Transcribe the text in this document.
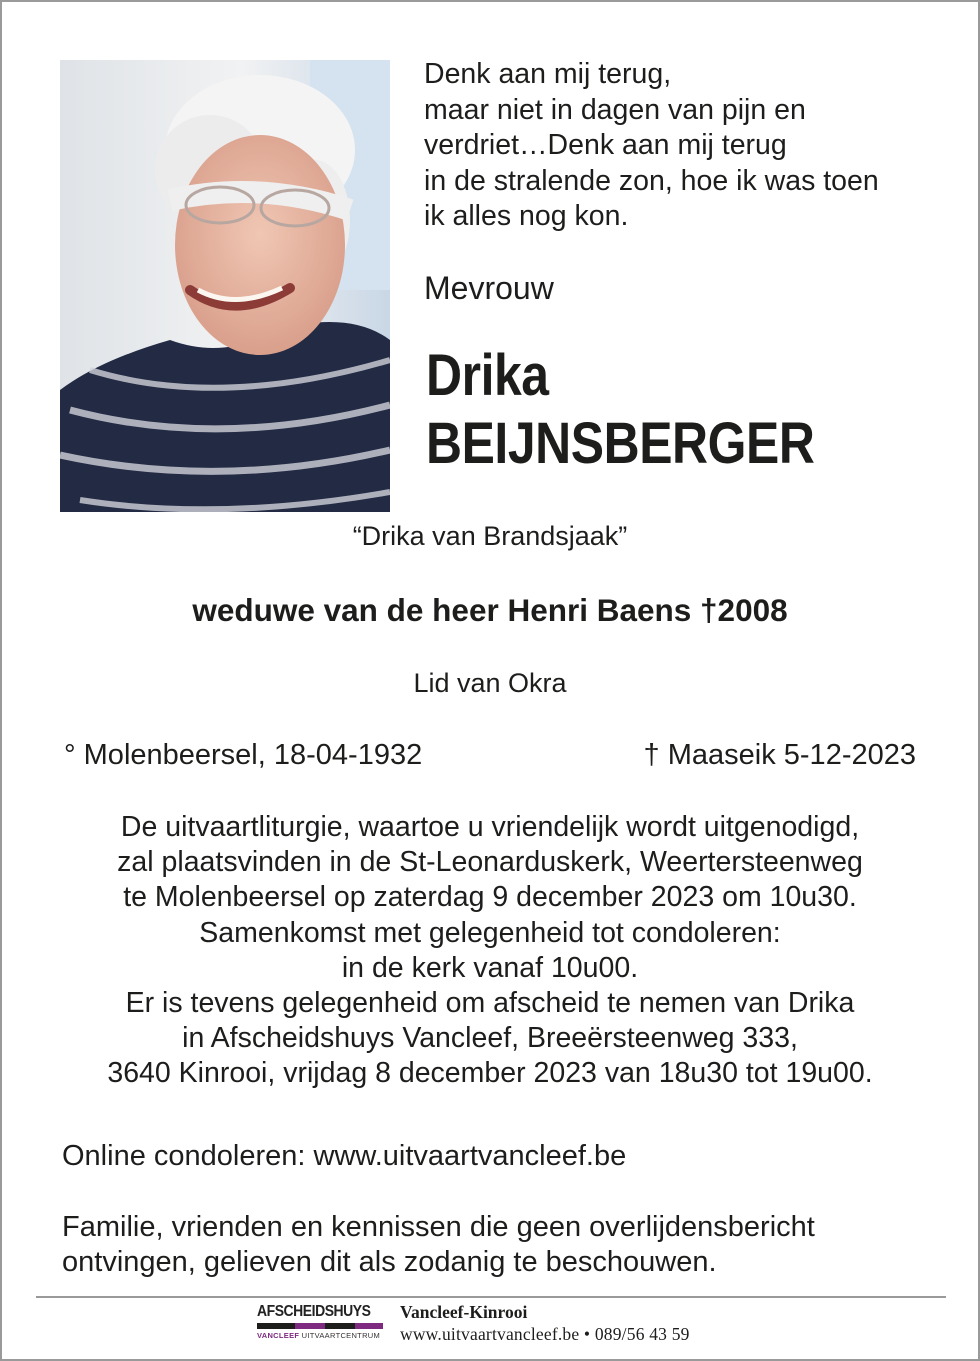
Denk aan mij terug,
maar niet in dagen van pijn en
verdriet…Denk aan mij terug
in de stralende zon, hoe ik was toen
ik alles nog kon.
Mevrouw
Drika
BEIJNSBERGER
“Drika van Brandsjaak”
weduwe van de heer Henri Baens †2008
Lid van Okra
° Molenbeersel, 18-04-1932	† Maaseik 5-12-2023
De uitvaartliturgie, waartoe u vriendelijk wordt uitgenodigd,
zal plaatsvinden in de St-Leonarduskerk, Weertersteenweg
te Molenbeersel op zaterdag 9 december 2023 om 10u30.
Samenkomst met gelegenheid tot condoleren:
in de kerk vanaf 10u00.
Er is tevens gelegenheid om afscheid te nemen van Drika
in Afscheidshuys Vancleef, Breeërsteenweg 333,
3640 Kinrooi, vrijdag 8 december 2023 van 18u30 tot 19u00.
Online condoleren: www.uitvaartvancleef.be
Familie, vrienden en kennissen die geen overlijdensbericht
ontvingen, gelieven dit als zodanig te beschouwen.
AFSCHEIDSHUYS
VANCLEEF UITVAARTCENTRUM
Vancleef-Kinrooi
www.uitvaartvancleef.be • 089/56 43 59
